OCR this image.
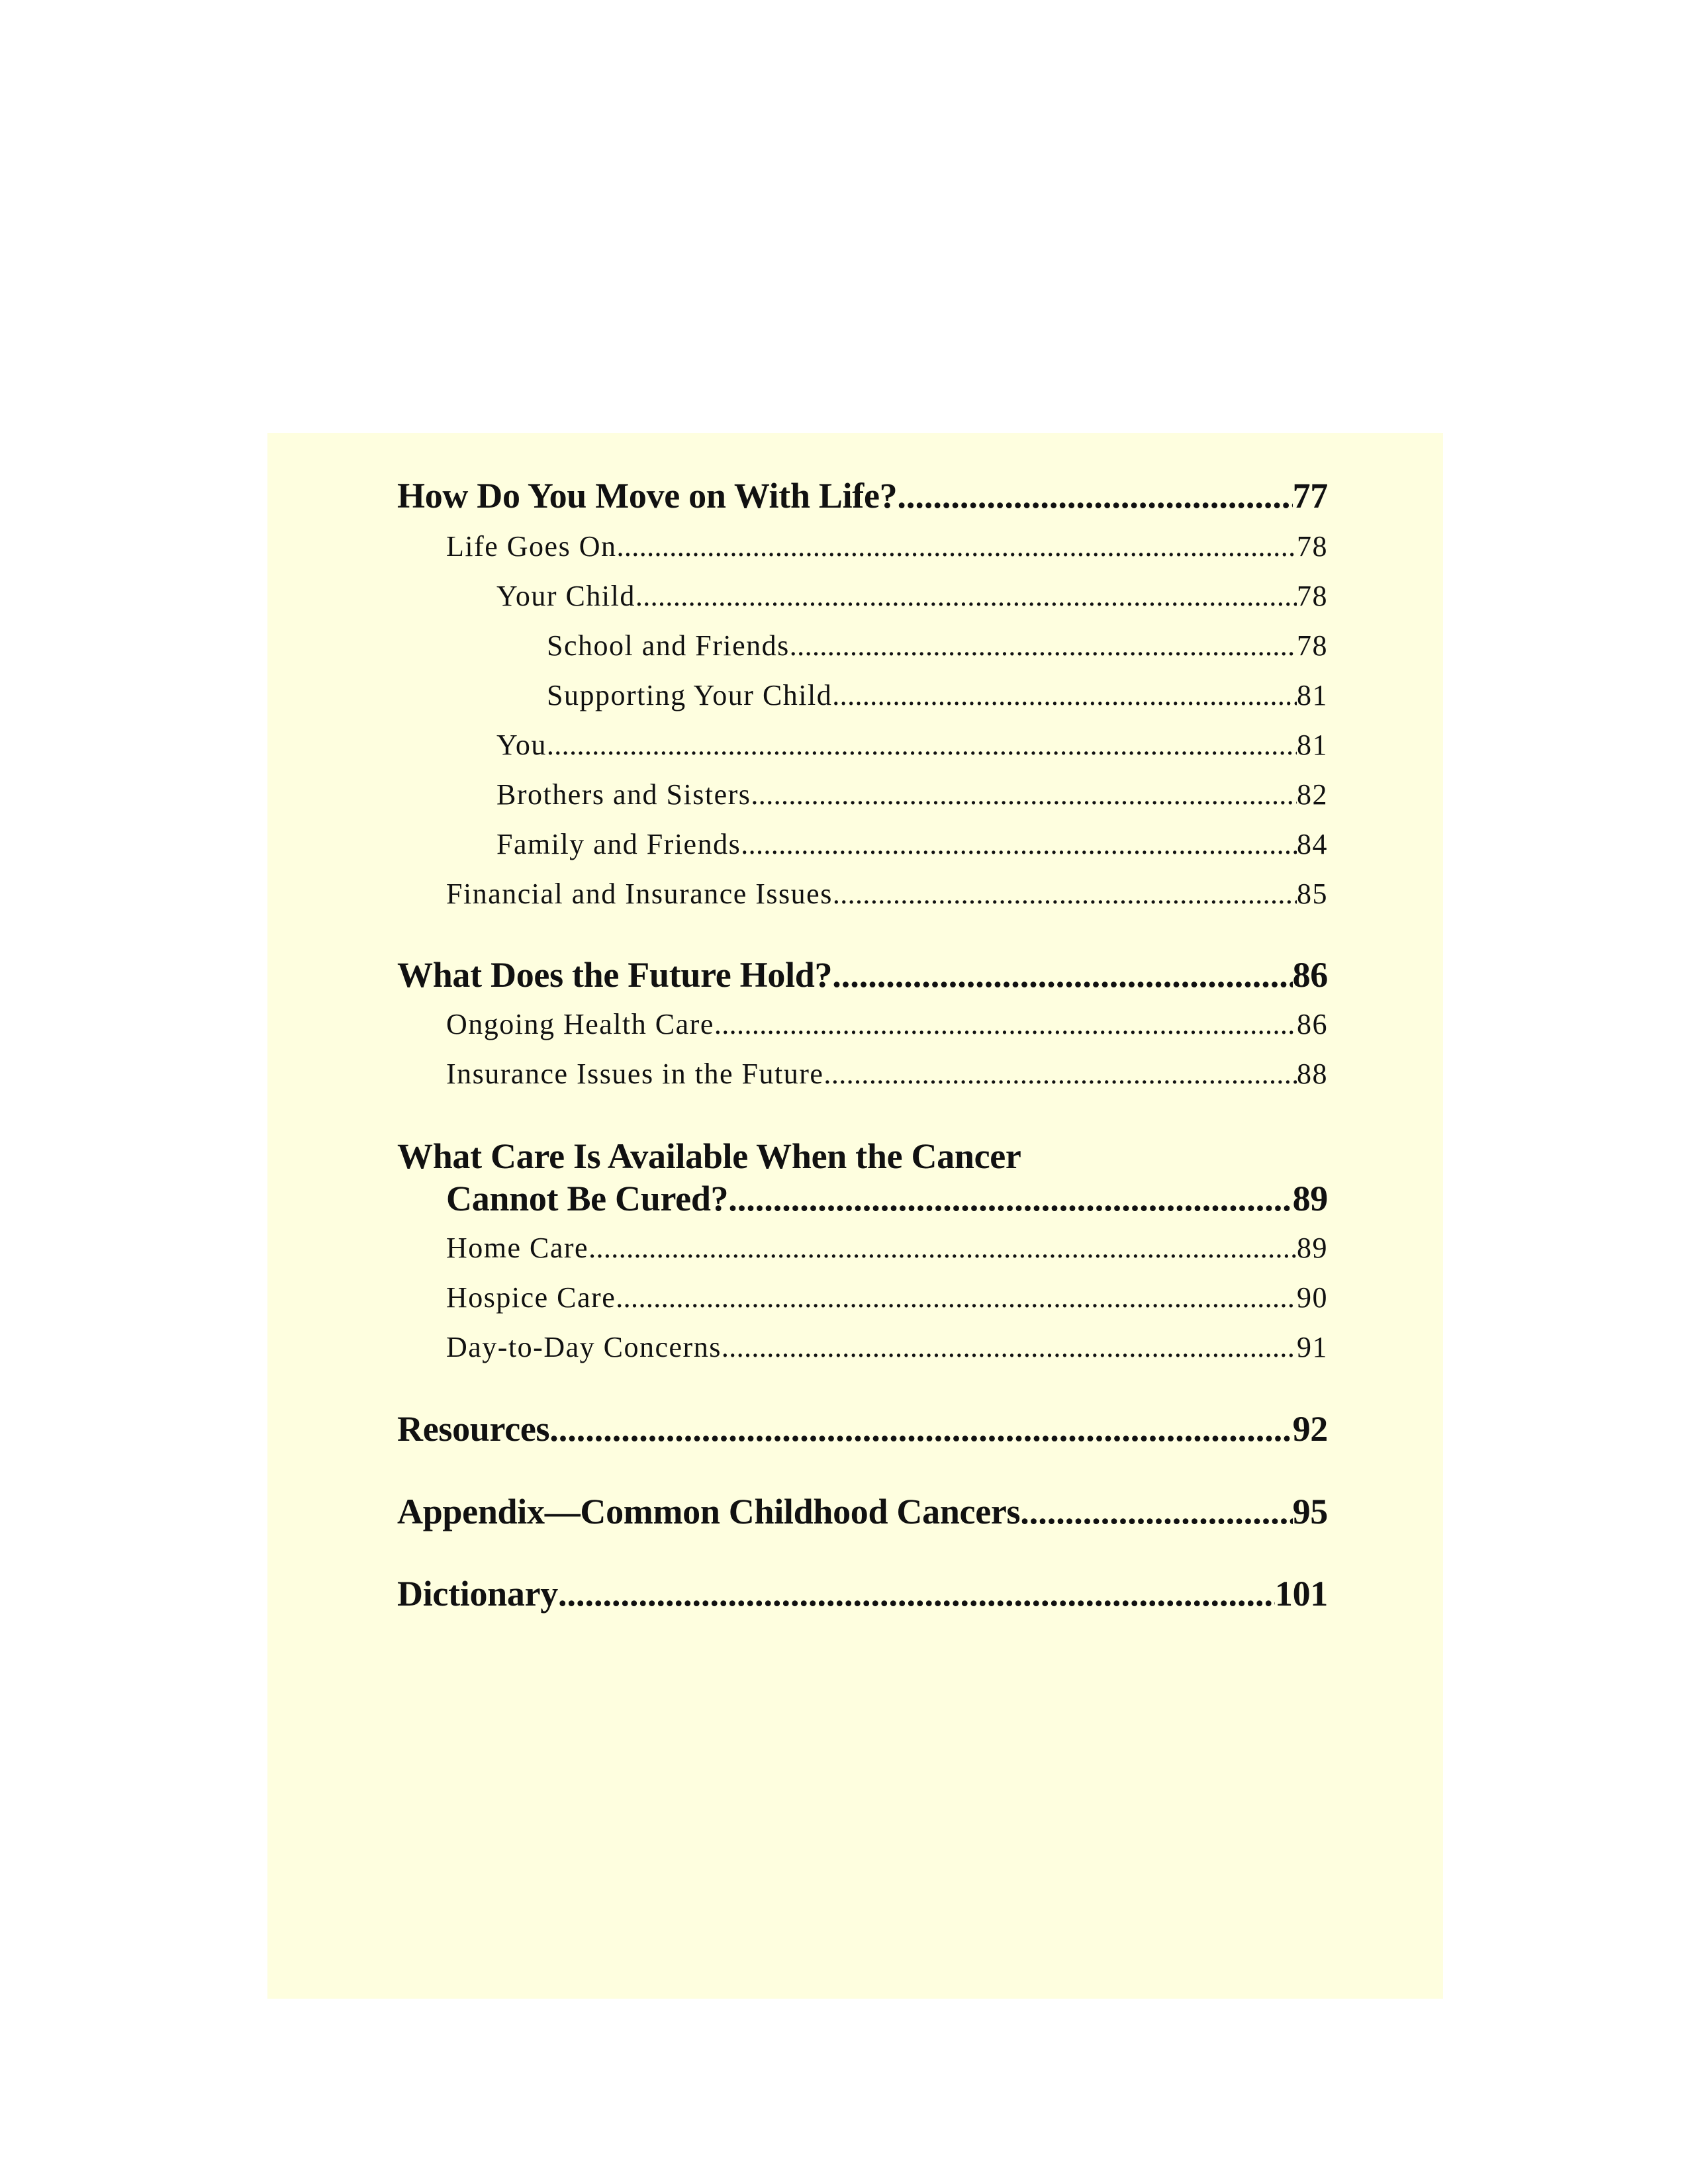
How Do You Move on With Life? .....	77
Life Goes On .....	78
Your Child .....	78
School and Friends .....	78
Supporting Your Child .....	81
You .....	81
Brothers and Sisters .....	82
Family and Friends .....	84
Financial and Insurance Issues .....	85
What Does the Future Hold? .....	86
Ongoing Health Care .....	86
Insurance Issues in the Future .....	88
What Care Is Available When the Cancer
Cannot Be Cured? .....	89
Home Care .....	89
Hospice Care .....	90
Day-to-Day Concerns .....	91
Resources .....	92
Appendix—Common Childhood Cancers .....	95
Dictionary .....	101
